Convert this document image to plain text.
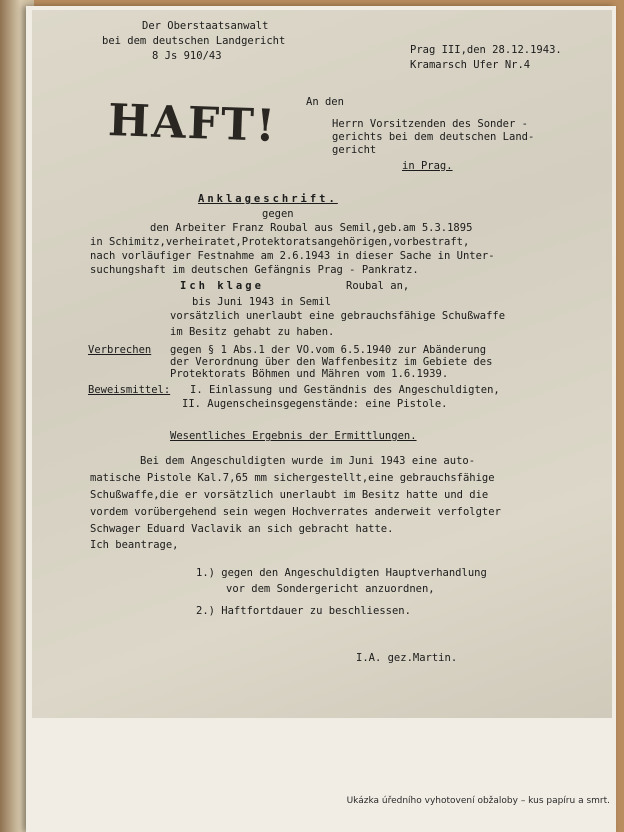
Der Oberstaatsanwalt
bei dem deutschen Landgericht
8 Js 910/43	Prag III,den 28.12.1943.
Kramarsch Ufer Nr.4
HAFT!	An den
Herrn Vorsitzenden des Sonder -
gerichts bei dem deutschen Land-
gericht
in Prag.
Anklageschrift.
gegen
den Arbeiter Franz Roubal aus Semil,geb.am 5.3.1895
in Schimitz,verheiratet,Protektoratsangehörigen,vorbestraft,
nach vorläufiger Festnahme am 2.6.1943 in dieser Sache in Unter-
suchungshaft im deutschen Gefängnis Prag - Pankratz.
Ich klage	Roubal an,
bis Juni 1943 in Semil
vorsätzlich unerlaubt eine gebrauchsfähige Schußwaffe
im Besitz gehabt zu haben.
Verbrechen gegen § 1 Abs.1 der VO.vom 6.5.1940 zur Abänderung
der Verordnung über den Waffenbesitz im Gebiete des
Protektorats Böhmen und Mähren vom 1.6.1939.
Beweismittel: I. Einlassung und Geständnis des Angeschuldigten,
II. Augenscheinsgegenstände: eine Pistole.
Wesentliches Ergebnis der Ermittlungen.
Bei dem Angeschuldigten wurde im Juni 1943 eine auto-
matische Pistole Kal.7,65 mm sichergestellt,eine gebrauchsfähige
Schußwaffe,die er vorsätzlich unerlaubt im Besitz hatte und die
vordem vorübergehend sein wegen Hochverrates anderweit verfolgter
Schwager Eduard Vaclavik an sich gebracht hatte.
Ich beantrage,
1.) gegen den Angeschuldigten Hauptverhandlung
vor dem Sondergericht anzuordnen,
2.) Haftfortdauer zu beschliessen.
I.A. gez.Martin.
Ukázka úředního vyhotovení obžaloby – kus papíru a smrt.
